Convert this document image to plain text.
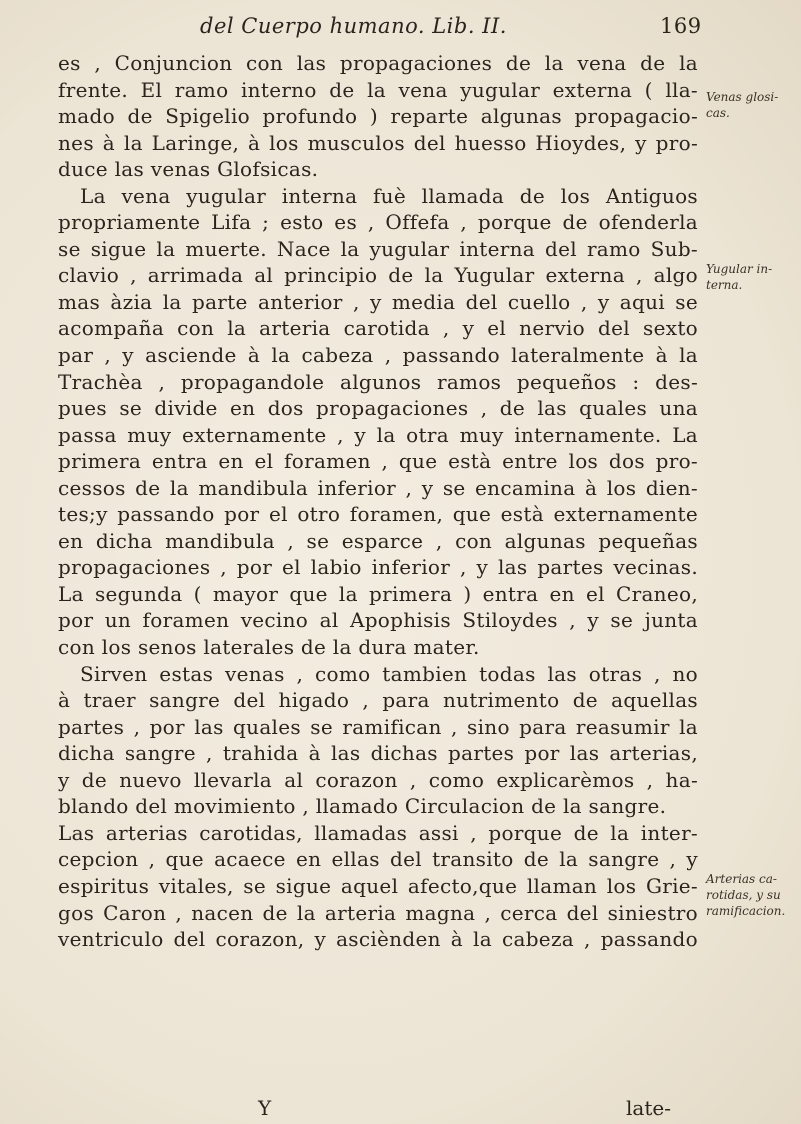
del Cuerpo humano. Lib. II.	169
es , Conjuncion con las propagaciones de la vena de la
frente. El ramo interno de la vena yugular externa ( lla-
mado de Spigelio profundo ) reparte algunas propagacio-
nes à la Laringe, à los musculos del huesso Hioydes, y pro-
duce las venas Glofsicas.
La vena yugular interna fuè llamada de los Antiguos
propriamente Lifa ; esto es , Offefa , porque de ofenderla
se sigue la muerte. Nace la yugular interna del ramo Sub-
clavio , arrimada al principio de la Yugular externa , algo
mas àzia la parte anterior , y media del cuello , y aqui se
acompaña con la arteria carotida , y el nervio del sexto
par , y asciende à la cabeza , passando lateralmente à la
Trachèa , propagandole algunos ramos pequeños : des-
pues se divide en dos propagaciones , de las quales una
passa muy externamente , y la otra muy internamente. La
primera entra en el foramen , que està entre los dos pro-
cessos de la mandibula inferior , y se encamina à los dien-
tes;y passando por el otro foramen, que està externamente
en dicha mandibula , se esparce , con algunas pequeñas
propagaciones , por el labio inferior , y las partes vecinas.
La segunda ( mayor que la primera ) entra en el Craneo,
por un foramen vecino al Apophisis Stiloydes , y se junta
con los senos laterales de la dura mater.
Sirven estas venas , como tambien todas las otras , no
à traer sangre del higado , para nutrimento de aquellas
partes , por las quales se ramifican , sino para reasumir la
dicha sangre , trahida à las dichas partes por las arterias,
y de nuevo llevarla al corazon , como explicarèmos , ha-
blando del movimiento , llamado Circulacion de la sangre.
Las arterias carotidas, llamadas assi , porque de la inter-
cepcion , que acaece en ellas del transito de la sangre , y
espiritus vitales, se sigue aquel afecto,que llaman los Grie-
gos Caron , nacen de la arteria magna , cerca del siniestro
ventriculo del corazon, y asciènden à la cabeza , passando
Venas glosi-
cas.
Yugular in-
terna.
Arterias ca-
rotidas, y su
ramificacion.
Y	late-
